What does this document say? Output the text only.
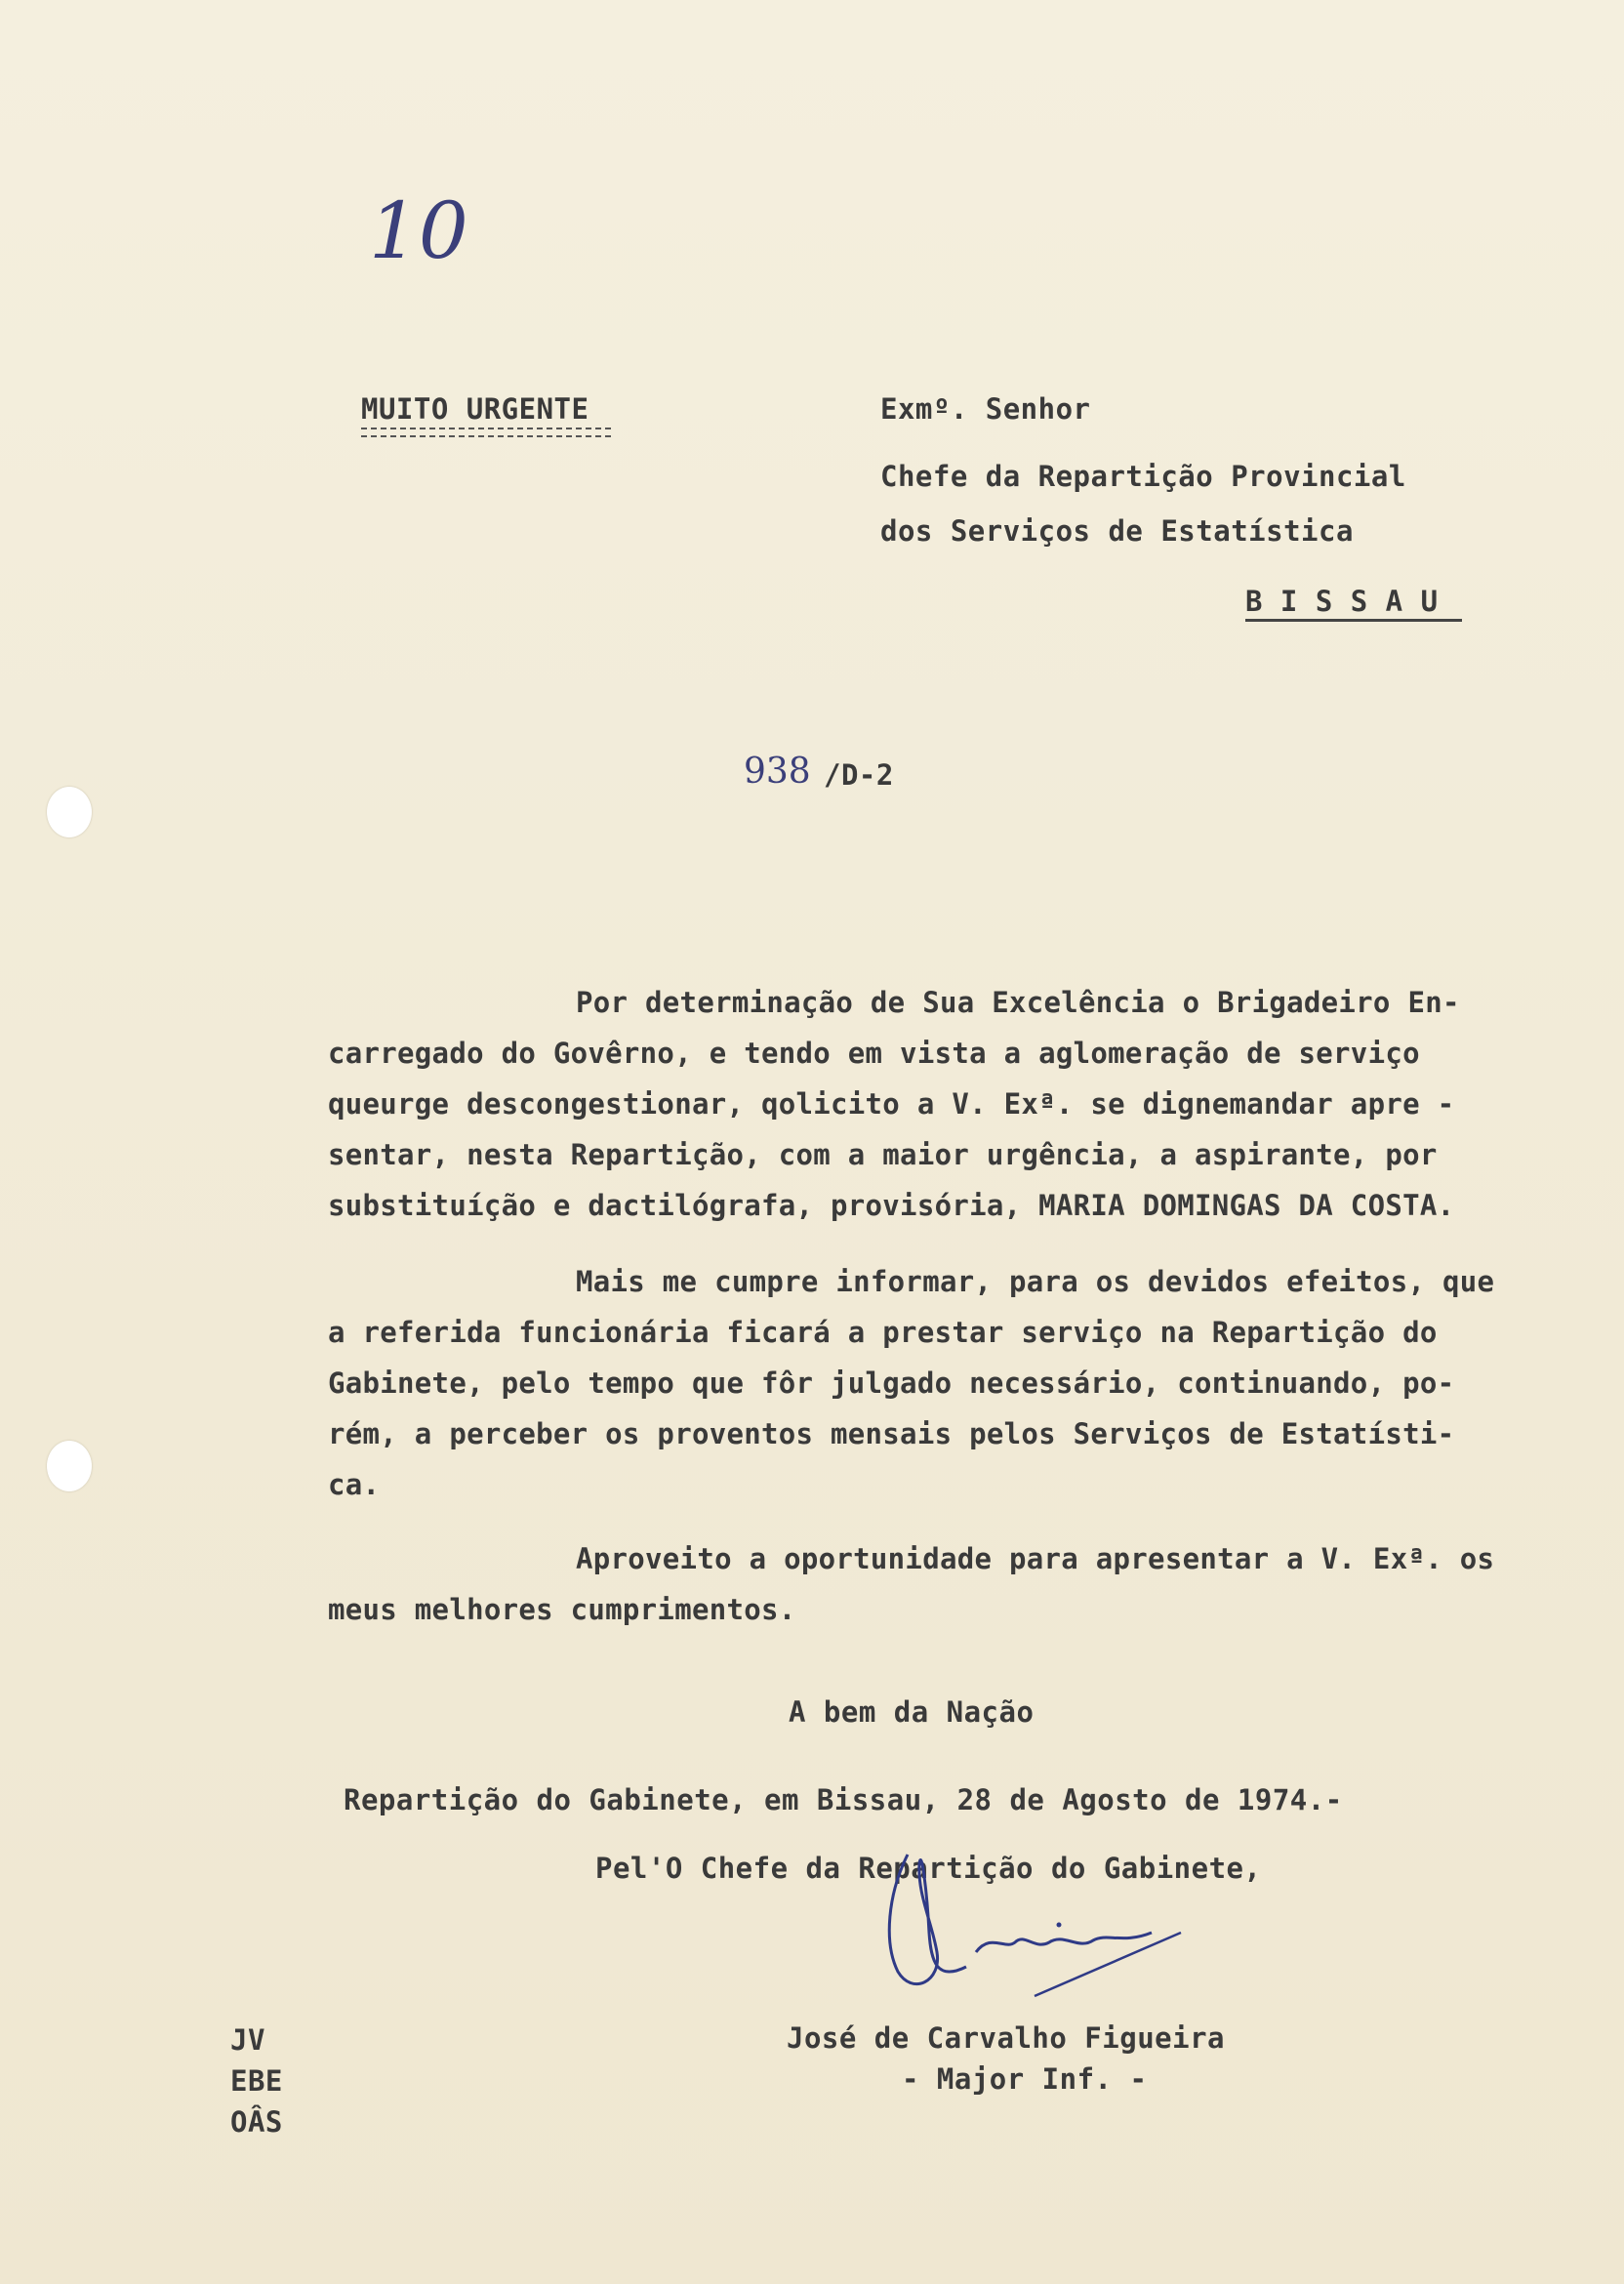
10
MUITO URGENTE	Exmº. Senhor
Chefe da Repartição Provincial
dos Serviços de Estatística
B I S S A U
938 /D-2
Por determinação de Sua Excelência o Brigadeiro En-
carregado do Govêrno, e tendo em vista a aglomeração de serviço
queurge descongestionar, qolicito a V. Exª. se dignemandar apre -
sentar, nesta Repartição, com a maior urgência, a aspirante, por
substituíção e dactilógrafa, provisória, MARIA DOMINGAS DA COSTA.
Mais me cumpre informar, para os devidos efeitos, que
a referida funcionária ficará a prestar serviço na Repartição do
Gabinete, pelo tempo que fôr julgado necessário, continuando, po-
rém, a perceber os proventos mensais pelos Serviços de Estatísti-
ca.
Aproveito a oportunidade para apresentar a V. Exª. os
meus melhores cumprimentos.
A bem da Nação
Repartição do Gabinete, em Bissau, 28 de Agosto de 1974.-
Pel'O Chefe da Repartição do Gabinete,
José de Carvalho Figueira
- Major Inf. -
JV
EBE
OÂS
